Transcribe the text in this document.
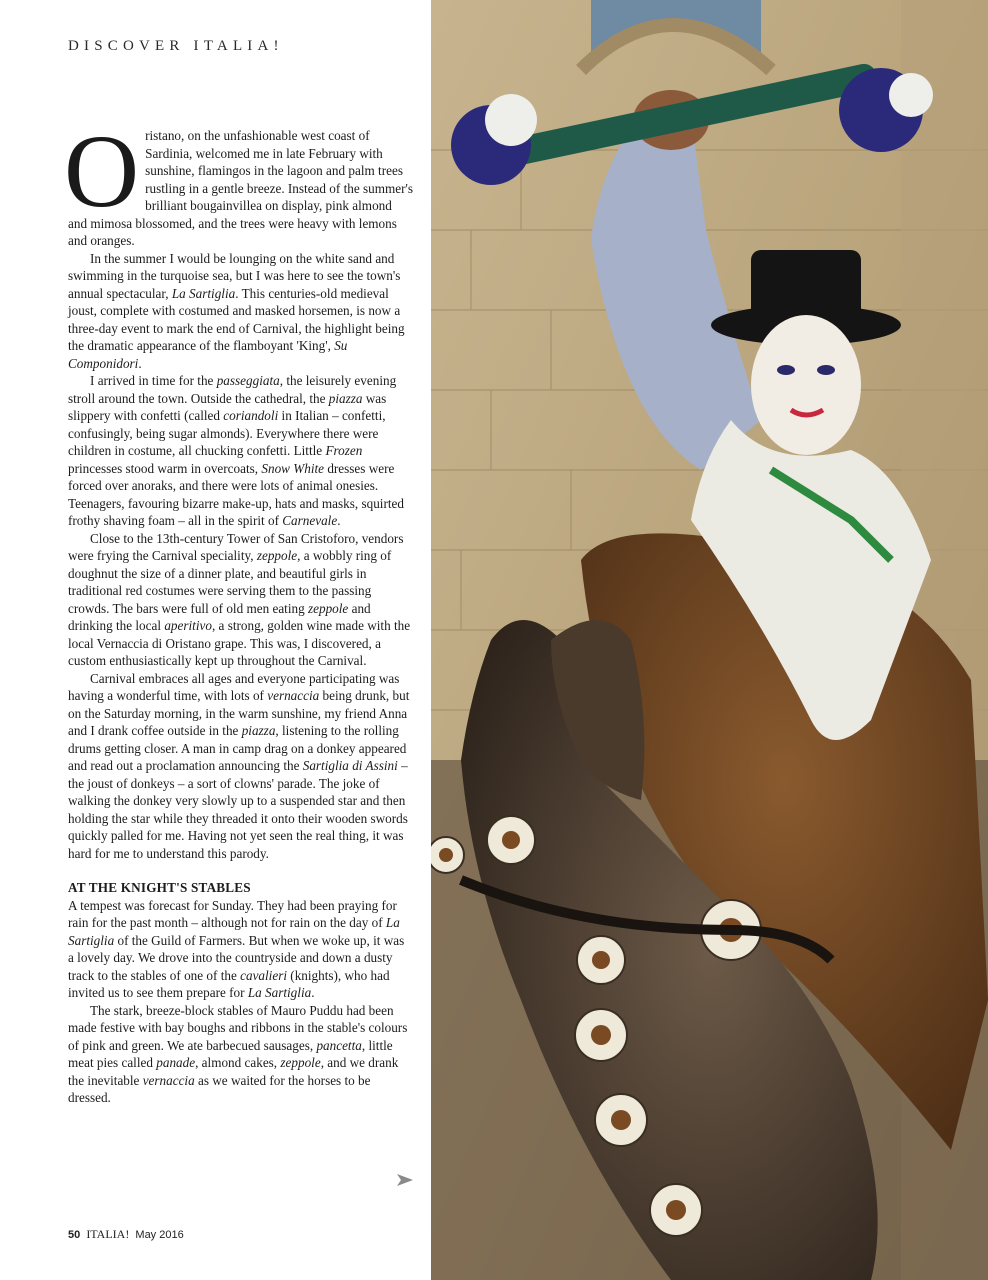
DISCOVER ITALIA!

Oristano, on the unfashionable west coast of Sardinia, welcomed me in late February with sunshine, flamingos in the lagoon and palm trees rustling in a gentle breeze. Instead of the summer's brilliant bougainvillea on display, pink almond and mimosa blossomed, and the trees were heavy with lemons and oranges.

In the summer I would be lounging on the white sand and swimming in the turquoise sea, but I was here to see the town's annual spectacular, La Sartiglia. This centuries-old medieval joust, complete with costumed and masked horsemen, is now a three-day event to mark the end of Carnival, the highlight being the dramatic appearance of the flamboyant 'King', Su Componidori.

I arrived in time for the passeggiata, the leisurely evening stroll around the town. Outside the cathedral, the piazza was slippery with confetti (called coriandoli in Italian – confetti, confusingly, being sugar almonds). Everywhere there were children in costume, all chucking confetti. Little Frozen princesses stood warm in overcoats, Snow White dresses were forced over anoraks, and there were lots of animal onesies. Teenagers, favouring bizarre make-up, hats and masks, squirted frothy shaving foam – all in the spirit of Carnevale.

Close to the 13th-century Tower of San Cristoforo, vendors were frying the Carnival speciality, zeppole, a wobbly ring of doughnut the size of a dinner plate, and beautiful girls in traditional red costumes were serving them to the passing crowds. The bars were full of old men eating zeppole and drinking the local aperitivo, a strong, golden wine made with the local Vernaccia di Oristano grape. This was, I discovered, a custom enthusiastically kept up throughout the Carnival.

Carnival embraces all ages and everyone participating was having a wonderful time, with lots of vernaccia being drunk, but on the Saturday morning, in the warm sunshine, my friend Anna and I drank coffee outside in the piazza, listening to the rolling drums getting closer. A man in camp drag on a donkey appeared and read out a proclamation announcing the Sartiglia di Assini – the joust of donkeys – a sort of clowns' parade. The joke of walking the donkey very slowly up to a suspended star and then holding the star while they threaded it onto their wooden swords quickly palled for me. Having not yet seen the real thing, it was hard for me to understand this parody.

AT THE KNIGHT'S STABLES

A tempest was forecast for Sunday. They had been praying for rain for the past month – although not for rain on the day of La Sartiglia of the Guild of Farmers. But when we woke up, it was a lovely day. We drove into the countryside and down a dusty track to the stables of one of the cavalieri (knights), who had invited us to see them prepare for La Sartiglia.

The stark, breeze-block stables of Mauro Puddu had been made festive with bay boughs and ribbons in the stable's colours of pink and green. We ate barbecued sausages, pancetta, little meat pies called panade, almond cakes, zeppole, and we drank the inevitable vernaccia as we waited for the horses to be dressed.

50 ITALIA! May 2016
